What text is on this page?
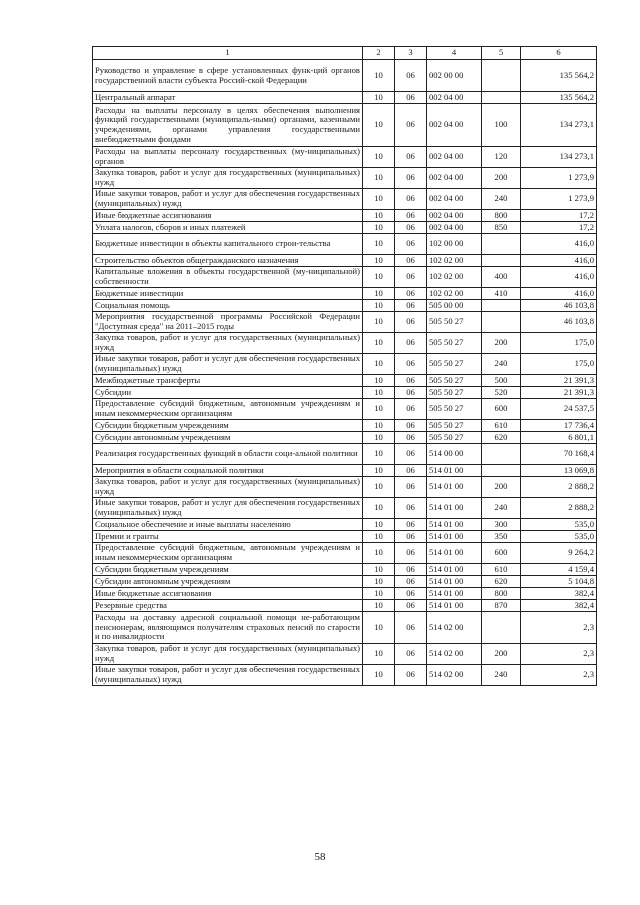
1	2	3	4	5	6
Руководство и управление в сфере установленных функ-ций органов государственной власти субъекта Россий-ской Федерации	10	06	002 00 00		135 564,2
Центральный аппарат	10	06	002 04 00		135 564,2
Расходы на выплаты персоналу в целях обеспечения выполнения функций государственными (муниципаль-ными) органами, казенными учреждениями, органами управления государственными внебюджетными фондами	10	06	002 04 00	100	134 273,1
Расходы на выплаты персоналу государственных (му-ниципальных) органов	10	06	002 04 00	120	134 273,1
Закупка товаров, работ и услуг для государственных (муниципальных) нужд	10	06	002 04 00	200	1 273,9
Иные закупки товаров, работ и услуг для обеспечения государственных (муниципальных) нужд	10	06	002 04 00	240	1 273,9
Иные бюджетные ассигнования	10	06	002 04 00	800	17,2
Уплата налогов, сборов и иных платежей	10	06	002 04 00	850	17,2
Бюджетные инвестиции в объекты капитального строи-тельства	10	06	102 00 00		416,0
Строительство объектов общегражданского назначения	10	06	102 02 00		416,0
Капитальные вложения в объекты государственной (му-ниципальной) собственности	10	06	102 02 00	400	416,0
Бюджетные инвестиции	10	06	102 02 00	410	416,0
Социальная помощь	10	06	505 00 00		46 103,8
Мероприятия государственной программы Российской Федерации "Доступная среда" на 2011–2015 годы	10	06	505 50 27		46 103,8
Закупка товаров, работ и услуг для государственных (муниципальных) нужд	10	06	505 50 27	200	175,0
Иные закупки товаров, работ и услуг для обеспечения государственных (муниципальных) нужд	10	06	505 50 27	240	175,0
Межбюджетные трансферты	10	06	505 50 27	500	21 391,3
Субсидии	10	06	505 50 27	520	21 391,3
Предоставление субсидий бюджетным, автономным учреждениям и иным некоммерческим организациям	10	06	505 50 27	600	24 537,5
Субсидии бюджетным учреждениям	10	06	505 50 27	610	17 736,4
Субсидии автономным учреждениям	10	06	505 50 27	620	6 801,1
Реализация государственных функций в области соци-альной политики	10	06	514 00 00		70 168,4
Мероприятия в области социальной политики	10	06	514 01 00		13 069,8
Закупка товаров, работ и услуг для государственных (муниципальных) нужд	10	06	514 01 00	200	2 888,2
Иные закупки товаров, работ и услуг для обеспечения государственных (муниципальных) нужд	10	06	514 01 00	240	2 888,2
Социальное обеспечение и иные выплаты населению	10	06	514 01 00	300	535,0
Премии и гранты	10	06	514 01 00	350	535,0
Предоставление субсидий бюджетным, автономным учреждениям и иным некоммерческим организациям	10	06	514 01 00	600	9 264,2
Субсидии бюджетным учреждениям	10	06	514 01 00	610	4 159,4
Субсидии автономным учреждениям	10	06	514 01 00	620	5 104,8
Иные бюджетные ассигнования	10	06	514 01 00	800	382,4
Резервные средства	10	06	514 01 00	870	382,4
Расходы на доставку адресной социальной помощи не-работающим пенсионерам, являющимся получателям страховых пенсий по старости и по инвалидности	10	06	514 02 00		2,3
Закупка товаров, работ и услуг для государственных (муниципальных) нужд	10	06	514 02 00	200	2,3
Иные закупки товаров, работ и услуг для обеспечения государственных (муниципальных) нужд	10	06	514 02 00	240	2,3
58
